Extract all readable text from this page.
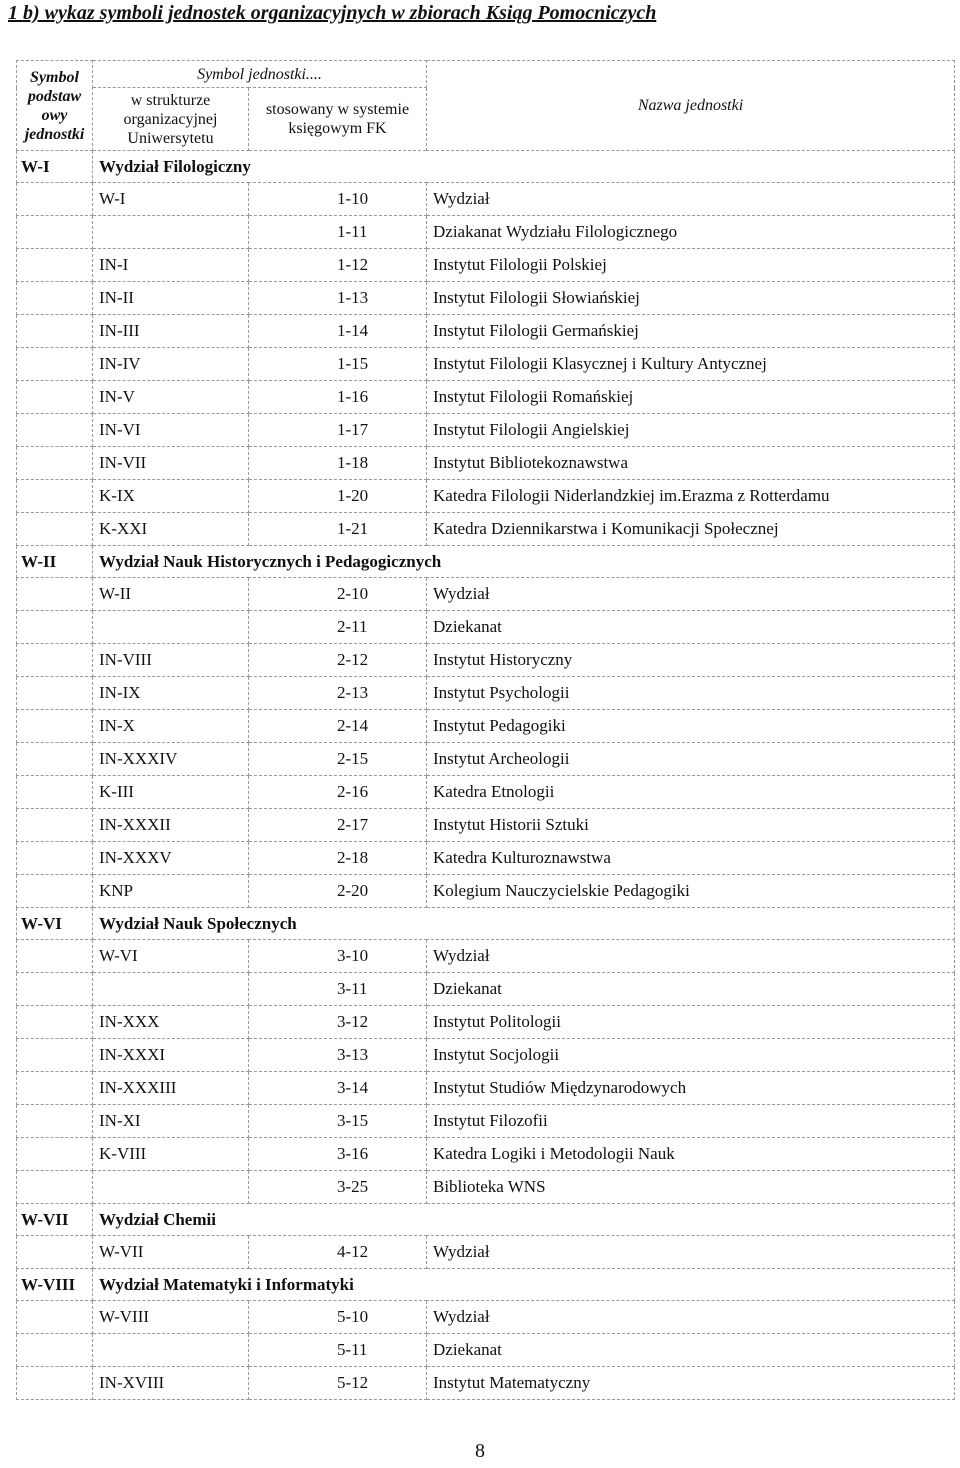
1 b) wykaz symboli jednostek organizacyjnych w zbiorach Ksiąg Pomocniczych
Symbol podstaw owy jednostki	Symbol jednostki....		Nazwa jednostki
	w strukturze organizacyjnej Uniwersytetu	stosowany w systemie księgowym FK	
W-I	Wydział Filologiczny		
	W-I	1-10	Wydział
		1-11	Dziakanat Wydziału Filologicznego
	IN-I	1-12	Instytut Filologii Polskiej
	IN-II	1-13	Instytut Filologii Słowiańskiej
	IN-III	1-14	Instytut Filologii Germańskiej
	IN-IV	1-15	Instytut Filologii Klasycznej i Kultury Antycznej
	IN-V	1-16	Instytut Filologii Romańskiej
	IN-VI	1-17	Instytut Filologii Angielskiej
	IN-VII	1-18	Instytut Bibliotekoznawstwa
	K-IX	1-20	Katedra Filologii Niderlandzkiej im.Erazma z Rotterdamu
	K-XXI	1-21	Katedra Dziennikarstwa i Komunikacji Społecznej
W-II	Wydział Nauk Historycznych i Pedagogicznych		
	W-II	2-10	Wydział
		2-11	Dziekanat
	IN-VIII	2-12	Instytut Historyczny
	IN-IX	2-13	Instytut Psychologii
	IN-X	2-14	Instytut Pedagogiki
	IN-XXXIV	2-15	Instytut Archeologii
	K-III	2-16	Katedra Etnologii
	IN-XXXII	2-17	Instytut Historii Sztuki
	IN-XXXV	2-18	Katedra Kulturoznawstwa
	KNP	2-20	Kolegium Nauczycielskie Pedagogiki
W-VI	Wydział Nauk Społecznych		
	W-VI	3-10	Wydział
		3-11	Dziekanat
	IN-XXX	3-12	Instytut Politologii
	IN-XXXI	3-13	Instytut Socjologii
	IN-XXXIII	3-14	Instytut Studiów Międzynarodowych
	IN-XI	3-15	Instytut Filozofii
	K-VIII	3-16	Katedra Logiki i Metodologii Nauk
		3-25	Biblioteka WNS
W-VII	Wydział Chemii		
	W-VII	4-12	Wydział
W-VIII	Wydział Matematyki i Informatyki		
	W-VIII	5-10	Wydział
		5-11	Dziekanat
	IN-XVIII	5-12	Instytut Matematyczny
8
